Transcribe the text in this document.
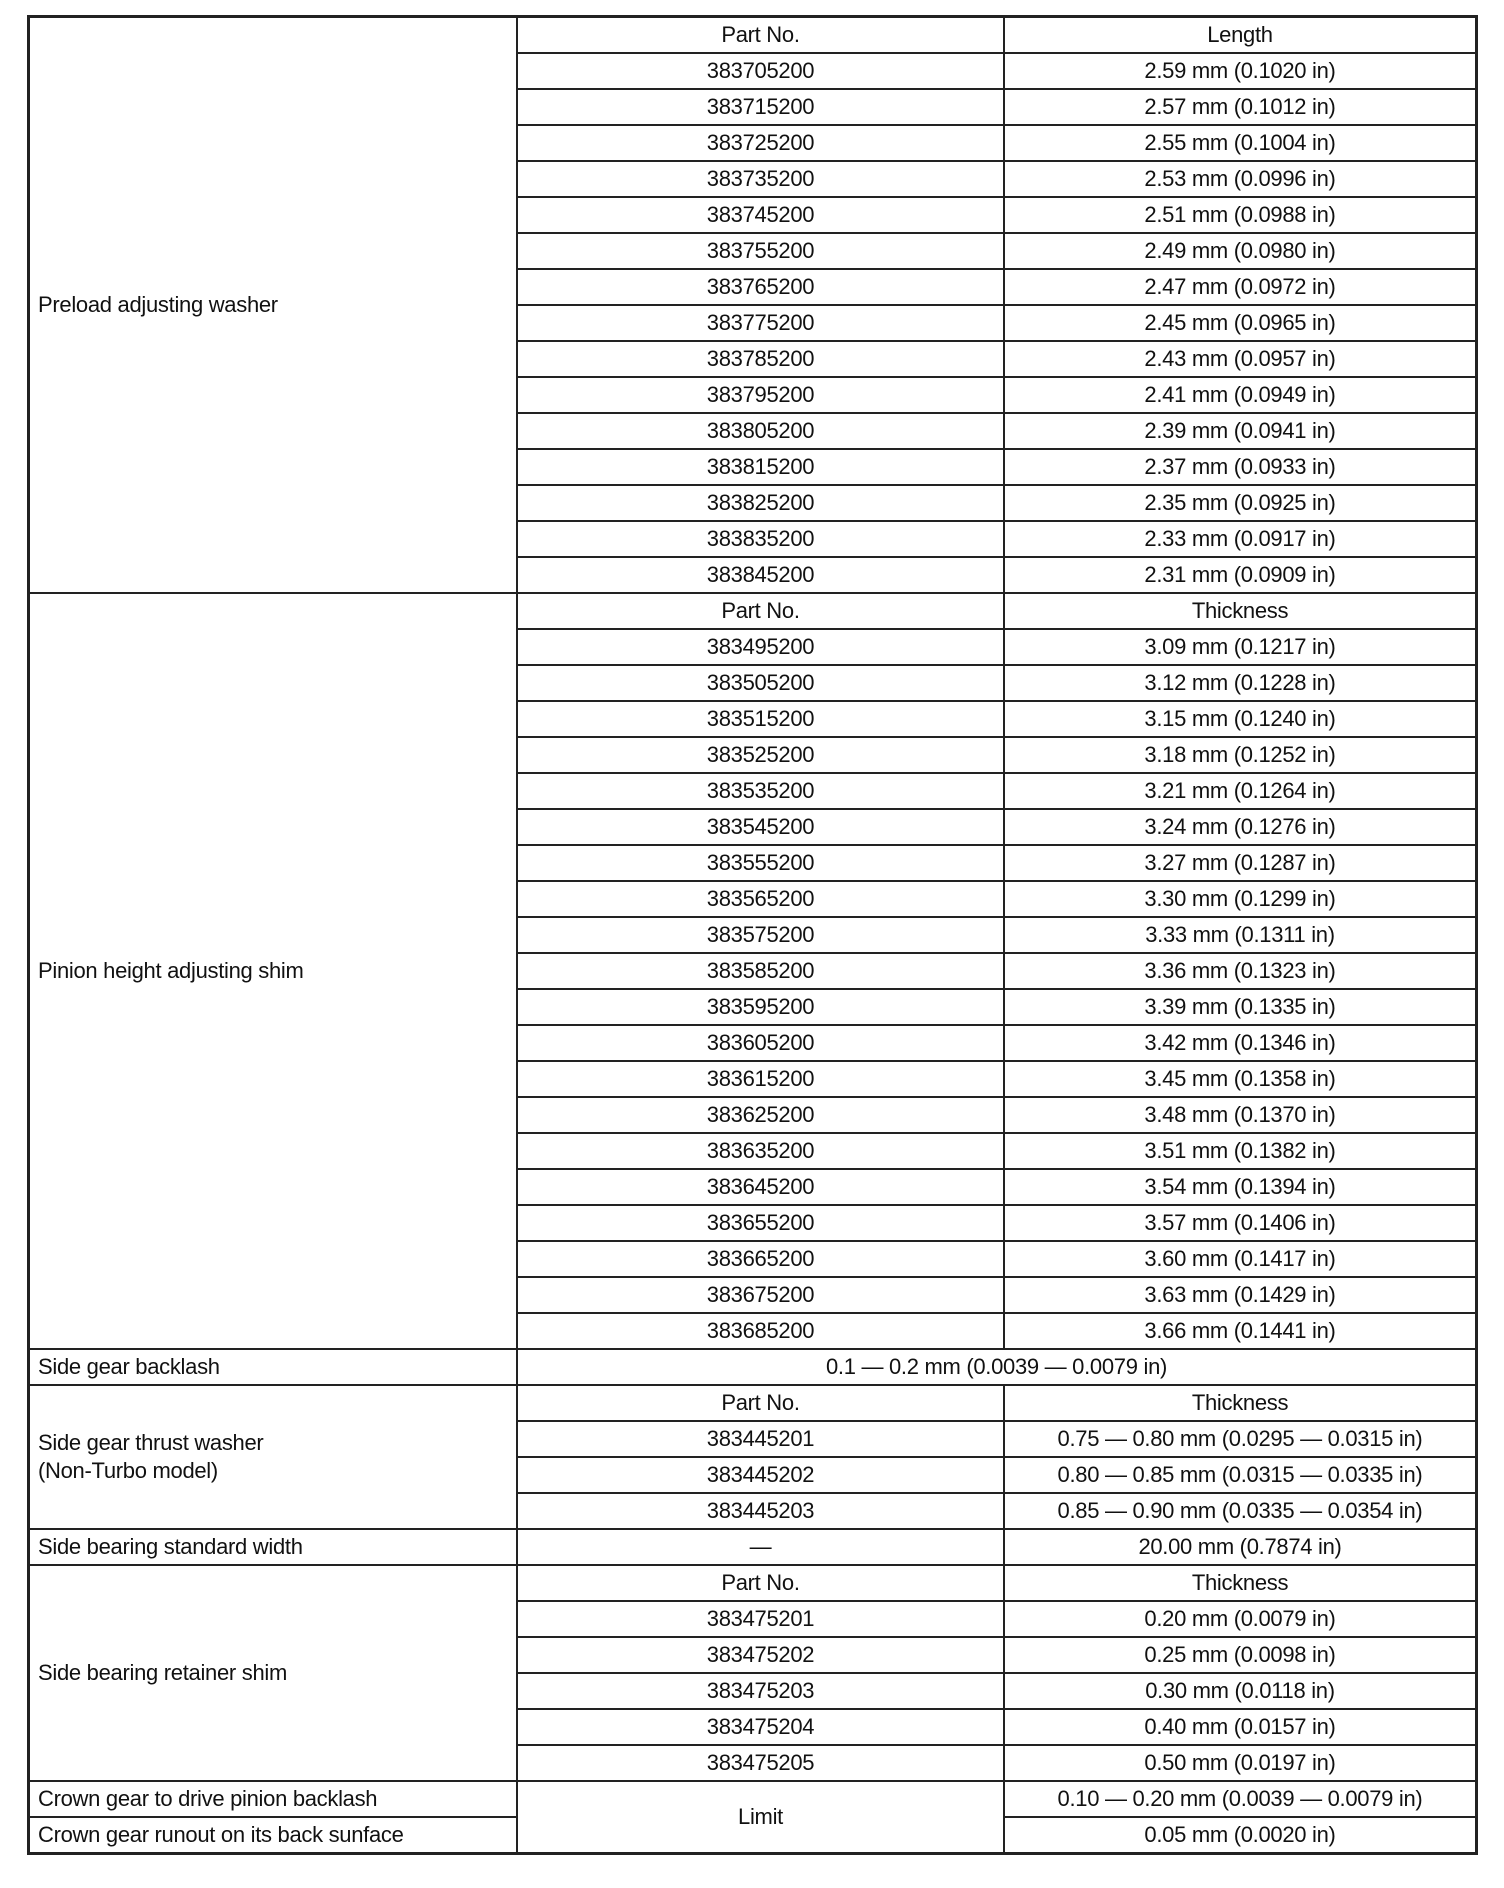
Preload adjusting washer	Part No.	Length
	383705200	2.59 mm (0.1020 in)
	383715200	2.57 mm (0.1012 in)
	383725200	2.55 mm (0.1004 in)
	383735200	2.53 mm (0.0996 in)
	383745200	2.51 mm (0.0988 in)
	383755200	2.49 mm (0.0980 in)
	383765200	2.47 mm (0.0972 in)
	383775200	2.45 mm (0.0965 in)
	383785200	2.43 mm (0.0957 in)
	383795200	2.41 mm (0.0949 in)
	383805200	2.39 mm (0.0941 in)
	383815200	2.37 mm (0.0933 in)
	383825200	2.35 mm (0.0925 in)
	383835200	2.33 mm (0.0917 in)
	383845200	2.31 mm (0.0909 in)
Pinion height adjusting shim	Part No.	Thickness
	383495200	3.09 mm (0.1217 in)
	383505200	3.12 mm (0.1228 in)
	383515200	3.15 mm (0.1240 in)
	383525200	3.18 mm (0.1252 in)
	383535200	3.21 mm (0.1264 in)
	383545200	3.24 mm (0.1276 in)
	383555200	3.27 mm (0.1287 in)
	383565200	3.30 mm (0.1299 in)
	383575200	3.33 mm (0.1311 in)
	383585200	3.36 mm (0.1323 in)
	383595200	3.39 mm (0.1335 in)
	383605200	3.42 mm (0.1346 in)
	383615200	3.45 mm (0.1358 in)
	383625200	3.48 mm (0.1370 in)
	383635200	3.51 mm (0.1382 in)
	383645200	3.54 mm (0.1394 in)
	383655200	3.57 mm (0.1406 in)
	383665200	3.60 mm (0.1417 in)
	383675200	3.63 mm (0.1429 in)
	383685200	3.66 mm (0.1441 in)
Side gear backlash	0.1 — 0.2 mm (0.0039 — 0.0079 in)	
Side gear thrust washer
(Non-Turbo model)	Part No.	Thickness
	383445201	0.75 — 0.80 mm (0.0295 — 0.0315 in)
	383445202	0.80 — 0.85 mm (0.0315 — 0.0335 in)
	383445203	0.85 — 0.90 mm (0.0335 — 0.0354 in)
Side bearing standard width	—	20.00 mm (0.7874 in)
Side bearing retainer shim	Part No.	Thickness
	383475201	0.20 mm (0.0079 in)
	383475202	0.25 mm (0.0098 in)
	383475203	0.30 mm (0.0118 in)
	383475204	0.40 mm (0.0157 in)
	383475205	0.50 mm (0.0197 in)
Crown gear to drive pinion backlash	Limit	0.10 — 0.20 mm (0.0039 — 0.0079 in)
Crown gear runout on its back sunface		0.05 mm (0.0020 in)
